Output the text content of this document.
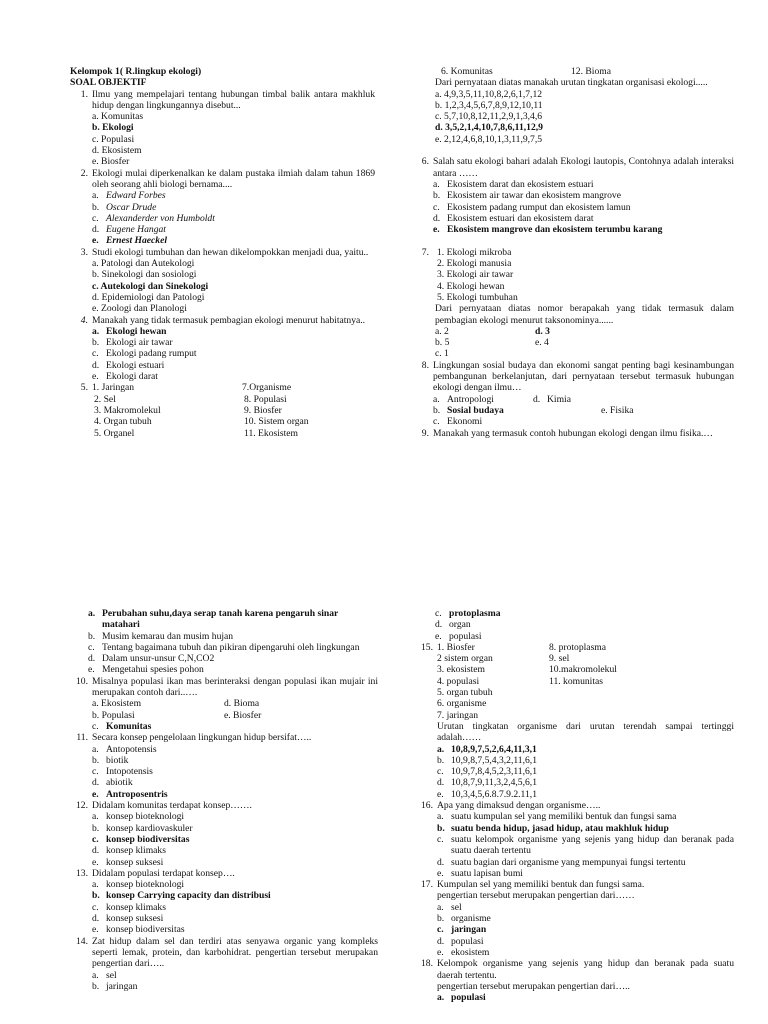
Kelompok 1( R.lingkup ekologi)
SOAL OBJEKTIF
1. Ilmu yang mempelajari tentang hubungan timbal balik antara makhluk hidup dengan lingkungannya disebut...
a. Komunitas
b. Ekologi
c. Populasi
d. Ekosistem
e. Biosfer
2. Ekologi mulai diperkenalkan ke dalam pustaka ilmiah dalam tahun 1869 oleh seorang ahli biologi bernama....
a. Edward Forbes
b. Oscar Drude
c. Alexanderder von Humboldt
d. Eugene Hangat
e. Ernest Haeckel
3. Studi ekologi tumbuhan dan hewan dikelompokkan menjadi dua, yaitu..
a. Patologi dan Autekologi
b. Sinekologi dan sosiologi
c. Autekologi dan Sinekologi
d. Epidemiologi dan Patologi
e. Zoologi dan Planologi
4. Manakah yang tidak termasuk pembagian ekologi menurut habitatnya..
a. Ekologi hewan
b. Ekologi air tawar
c. Ekologi padang rumput
d. Ekologi estuari
e. Ekologi darat
5. 1. Jaringan	7.Organisme
2. Sel	8. Populasi
3. Makromolekul	9. Biosfer
4. Organ tubuh	10. Sistem organ
5. Organel	11. Ekosistem
6. Komunitas	12. Bioma
Dari pernyataan diatas manakah urutan tingkatan organisasi ekologi.....
a. 4,9,3,5,11,10,8,2,6,1,7,12
b. 1,2,3,4,5,6,7,8,9,12,10,11
c. 5,7,10,8,12,11,2,9,1,3,4,6
d. 3,5,2,1,4,10,7,8,6,11,12,9
e. 2,12,4,6,8,10,1,3,11,9,7,5
6. Salah satu ekologi bahari adalah Ekologi lautopis, Contohnya adalah interaksi antara ……
a. Ekosistem darat dan ekosistem estuari
b. Ekosistem air tawar dan ekosistem mangrove
c. Ekosistem padang rumput dan ekosistem lamun
d. Ekosistem estuari dan ekosistem darat
e. Ekosistem mangrove dan ekosistem terumbu karang
7. 1. Ekologi mikroba
2. Ekologi manusia
3. Ekologi air tawar
4. Ekologi hewan
5. Ekologi tumbuhan
Dari pernyataan diatas nomor berapakah yang tidak termasuk dalam pembagian ekologi menurut taksonominya......
a. 2	d. 3
b. 5	e. 4
c. 1
8. Lingkungan sosial budaya dan ekonomi sangat penting bagi kesinambungan pembangunan berkelanjutan, dari pernyataan tersebut termasuk hubungan ekologi dengan ilmu…
a. Antropologi	d. Kimia
b. Sosial budaya	e. Fisika
c. Ekonomi
9. Manakah yang termasuk contoh hubungan ekologi dengan ilmu fisika.…
a. Perubahan suhu,daya serap tanah karena pengaruh sinar matahari
b. Musim kemarau dan musim hujan
c. Tentang bagaimana tubuh dan pikiran dipengaruhi oleh lingkungan
d. Dalam unsur-unsur C,N,CO2
e. Mengetahui spesies pohon
10. Misalnya populasi ikan mas berinteraksi dengan populasi ikan mujair ini merupakan contoh dari..….
a. Ekosistem	d. Bioma
b. Populasi	e. Biosfer
c. Komunitas
11. Secara konsep pengelolaan lingkungan hidup bersifat…..
a. Antopotensis
b. biotik
c. Intopotensis
d. abiotik
e. Antroposentris
12. Didalam komunitas terdapat konsep…….
a. konsep bioteknologi
b. konsep kardiovaskuler
c. konsep biodiversitas
d. konsep klimaks
e. konsep suksesi
13. Didalam populasi terdapat konsep….
a. konsep bioteknologi
b. konsep Carrying capacity dan distribusi
c. konsep klimaks
d. konsep suksesi
e. konsep biodiversitas
14. Zat hidup dalam sel dan terdiri atas senyawa organic yang kompleks seperti lemak, protein, dan karbohidrat. pengertian tersebut merupakan pengertian dari…..
a. sel
b. jaringan
c. protoplasma
d. organ
e. populasi
15. 1. Biosfer	8. protoplasma
2 sistem organ	9. sel
3. ekosistem	10.makromolekul
4. populasi	11. komunitas
5. organ tubuh
6. organisme
7. jaringan
Urutan tingkatan organisme dari urutan terendah sampai tertinggi adalah……
a. 10,8,9,7,5,2,6,4,11,3,1
b. 10,9,8,7,5,4,3,2,11,6,1
c. 10,9,7,8,4,5,2,3,11,6,1
d. 10,8,7,9,11,3,2,4,5,6,1
e. 10,3,4,5,6.8.7.9.2.11,1
16. Apa yang dimaksud dengan organisme…..
a. suatu kumpulan sel yang memiliki bentuk dan fungsi sama
b. suatu benda hidup, jasad hidup, atau makhluk hidup
c. suatu kelompok organisme yang sejenis yang hidup dan beranak pada suatu daerah tertentu
d. suatu bagian dari organisme yang mempunyai fungsi tertentu
e. suatu lapisan bumi
17. Kumpulan sel yang memiliki bentuk dan fungsi sama.
pengertian tersebut merupakan pengertian dari……
a. sel
b. organisme
c. jaringan
d. populasi
e. ekosistem
18. Kelompok organisme yang sejenis yang hidup dan beranak pada suatu daerah tertentu.
pengertian tersebut merupakan pengertian dari…..
a. populasi
